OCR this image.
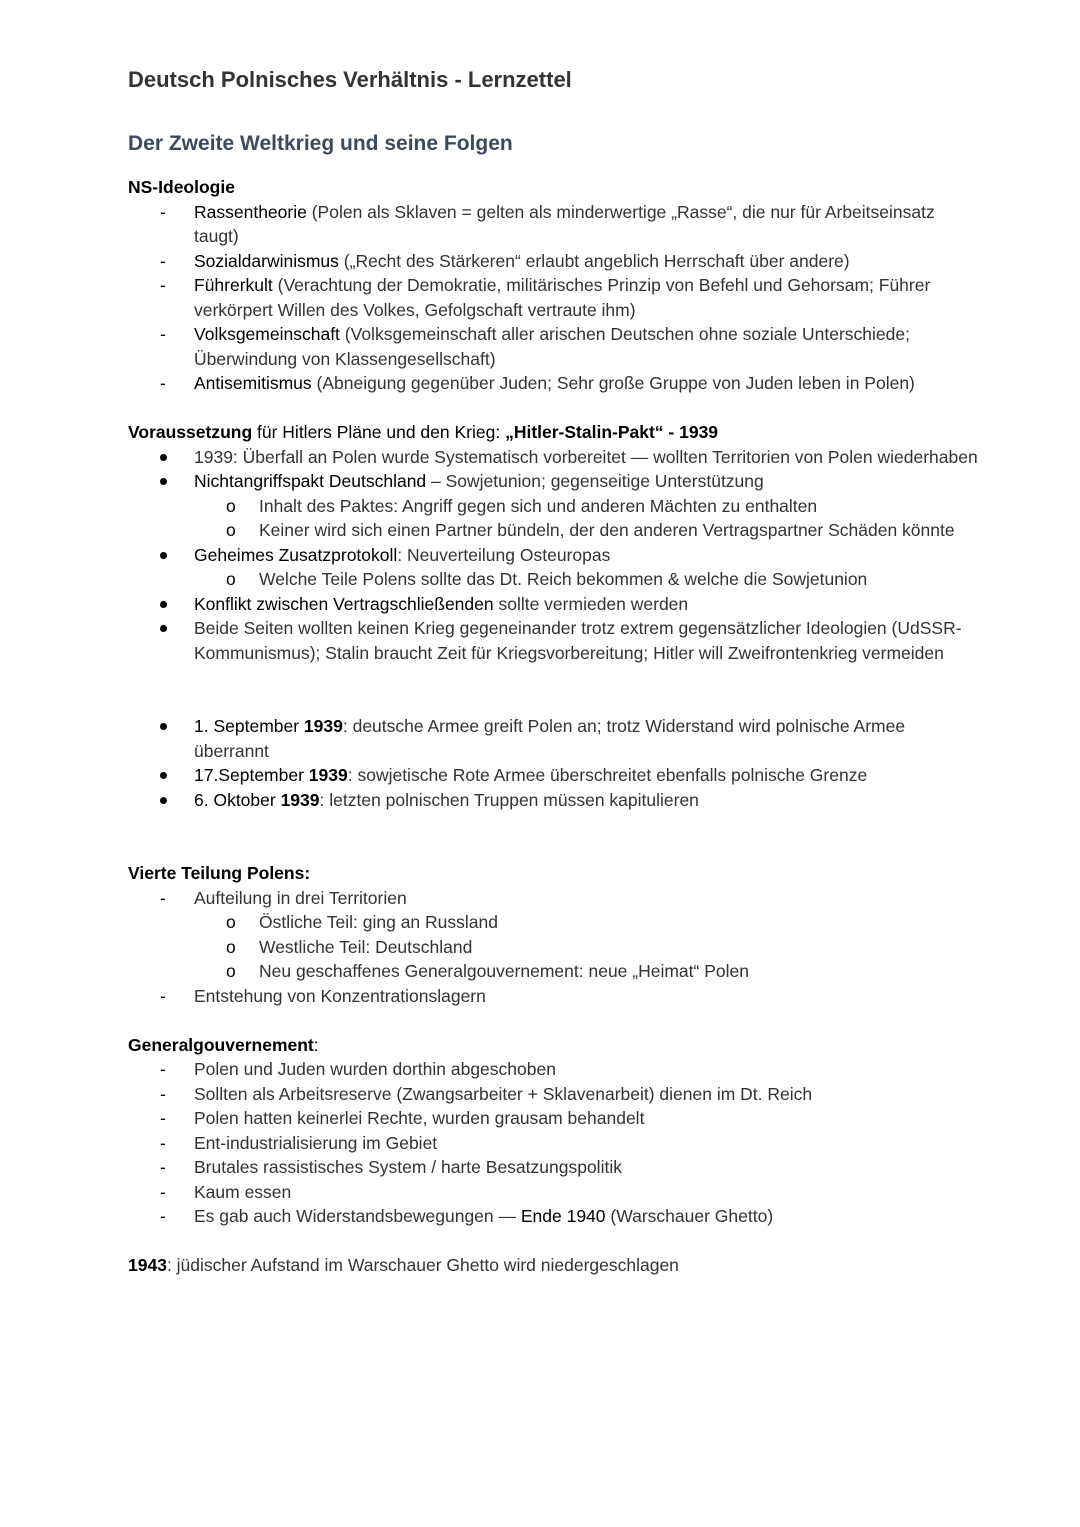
Deutsch Polnisches Verhältnis - Lernzettel
Der Zweite Weltkrieg und seine Folgen

NS-Ideologie

- Rassentheorie (Polen als Sklaven = gelten als minderwertige „Rasse“, die nur für Arbeitseinsatz taugt)
- Sozialdarwinismus („Recht des Stärkeren“ erlaubt angeblich Herrschaft über andere)
- Führerkult (Verachtung der Demokratie, militärisches Prinzip von Befehl und Gehorsam; Führer verkörpert Willen des Volkes, Gefolgschaft vertraute ihm)
- Volksgemeinschaft (Volksgemeinschaft aller arischen Deutschen ohne soziale Unterschiede; Überwindung von Klassengesellschaft)
- Antisemitismus (Abneigung gegenüber Juden; Sehr große Gruppe von Juden leben in Polen)

Voraussetzung für Hitlers Pläne und den Krieg: „Hitler-Stalin-Pakt“ - 1939

1939: Überfall an Polen wurde Systematisch vorbereitet — wollten Territorien von Polen wiederhaben
Nichtangriffspakt Deutschland – Sowjetunion; gegenseitige Unterstützung
o Inhalt des Paktes: Angriff gegen sich und anderen Mächten zu enthalten
o Keiner wird sich einen Partner bündeln, der den anderen Vertragspartner Schäden könnte
Geheimes Zusatzprotokoll: Neuverteilung Osteuropas
o Welche Teile Polens sollte das Dt. Reich bekommen & welche die Sowjetunion
Konflikt zwischen Vertragschließenden sollte vermieden werden
Beide Seiten wollten keinen Krieg gegeneinander trotz extrem gegensätzlicher Ideologien (UdSSR-Kommunismus); Stalin braucht Zeit für Kriegsvorbereitung; Hitler will Zweifrontenkrieg vermeiden
1. September 1939: deutsche Armee greift Polen an; trotz Widerstand wird polnische Armee überrannt
17.September 1939: sowjetische Rote Armee überschreitet ebenfalls polnische Grenze
6. Oktober 1939: letzten polnischen Truppen müssen kapitulieren

Vierte Teilung Polens:

- Aufteilung in drei Territorien
o Östliche Teil: ging an Russland
o Westliche Teil: Deutschland
o Neu geschaffenes Generalgouvernement: neue „Heimat“ Polen
- Entstehung von Konzentrationslagern

Generalgouvernement:

- Polen und Juden wurden dorthin abgeschoben
- Sollten als Arbeitsreserve (Zwangsarbeiter + Sklavenarbeit) dienen im Dt. Reich
- Polen hatten keinerlei Rechte, wurden grausam behandelt
- Ent-industrialisierung im Gebiet
- Brutales rassistisches System / harte Besatzungspolitik
- Kaum essen
- Es gab auch Widerstandsbewegungen — Ende 1940 (Warschauer Ghetto)

1943: jüdischer Aufstand im Warschauer Ghetto wird niedergeschlagen
